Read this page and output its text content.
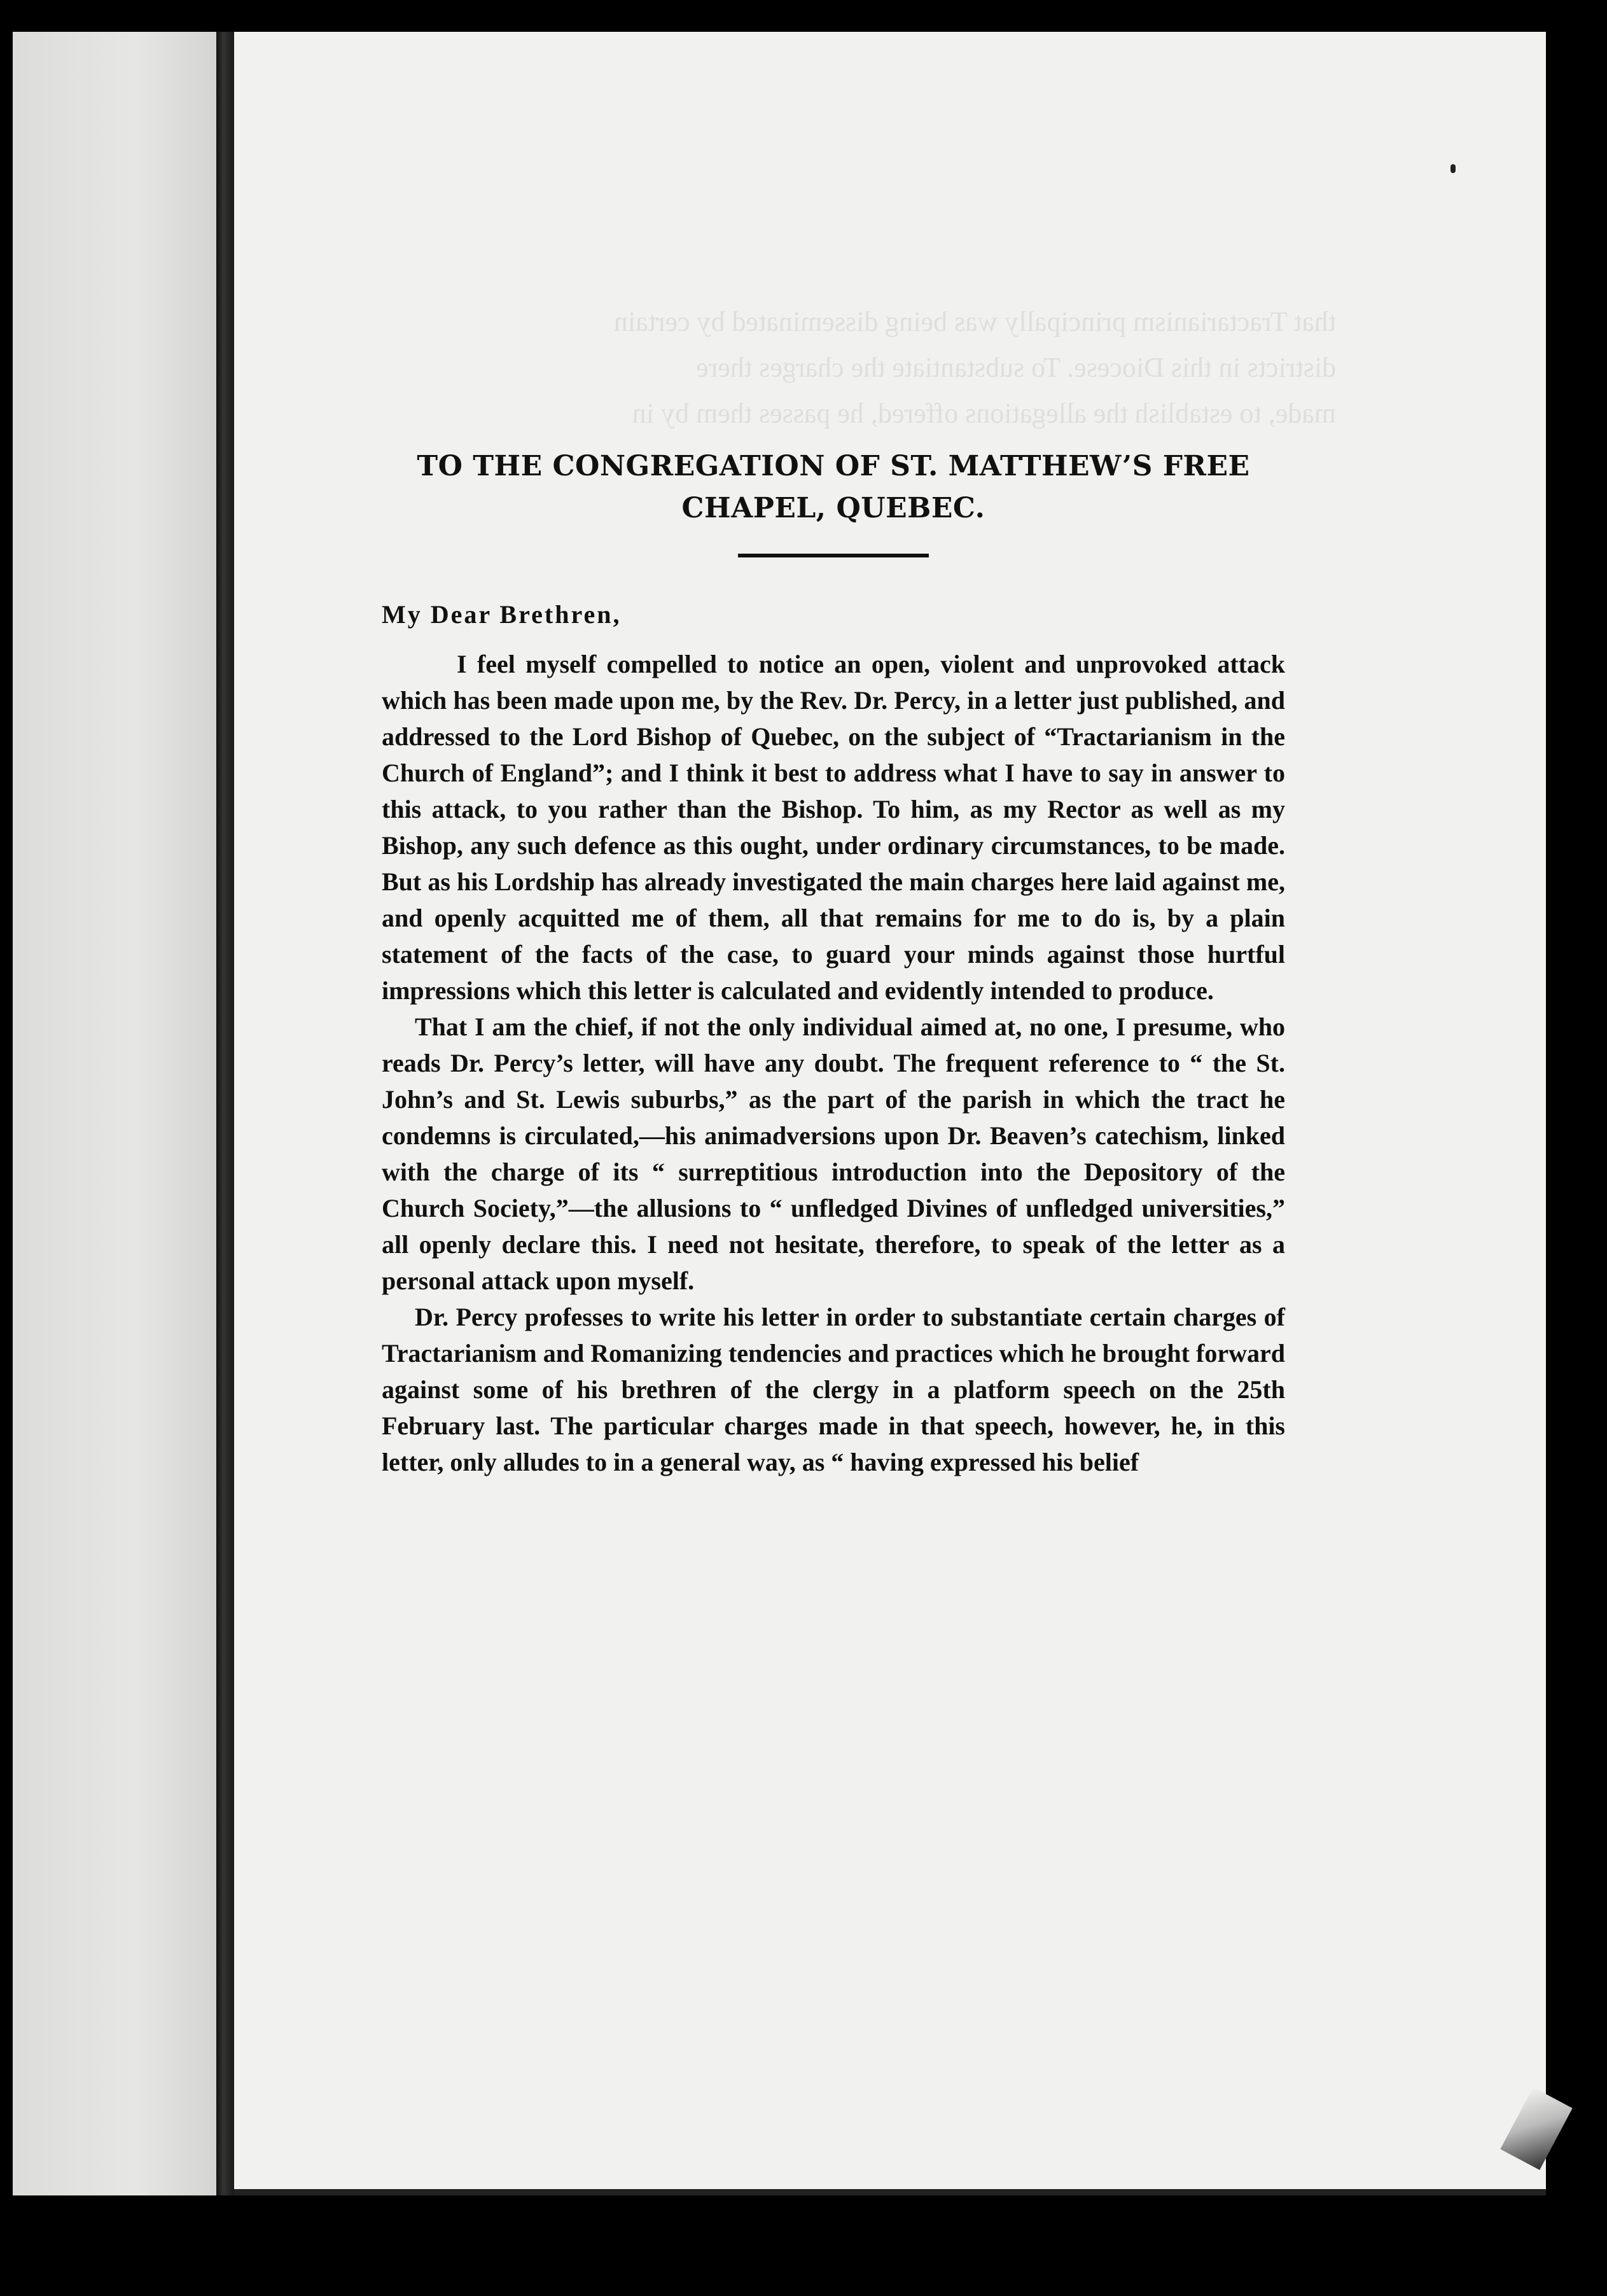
that Tractarianism principally was being disseminated by certain
districts in this Diocese. To substantiate the charges there
made, to establish the allegations offered, he passes them by in
TO THE CONGREGATION OF ST. MATTHEW’S FREE
CHAPEL, QUEBEC.

My Dear Brethren,

I feel myself compelled to notice an open, violent and unprovoked attack which has been made upon me, by the Rev. Dr. Percy, in a letter just published, and addressed to the Lord Bishop of Quebec, on the subject of “Tractarianism in the Church of England”; and I think it best to address what I have to say in answer to this attack, to you rather than the Bishop. To him, as my Rector as well as my Bishop, any such defence as this ought, under ordinary circumstances, to be made. But as his Lordship has already investigated the main charges here laid against me, and openly acquitted me of them, all that remains for me to do is, by a plain statement of the facts of the case, to guard your minds against those hurtful impressions which this letter is calculated and evidently intended to produce.

That I am the chief, if not the only individual aimed at, no one, I presume, who reads Dr. Percy’s letter, will have any doubt. The frequent reference to “ the St. John’s and St. Lewis suburbs,” as the part of the parish in which the tract he condemns is circulated,—his animadversions upon Dr. Beaven’s catechism, linked with the charge of its “ surreptitious introduction into the Depository of the Church Society,”—the allusions to “ unfledged Divines of unfledged universities,” all openly declare this. I need not hesitate, therefore, to speak of the letter as a personal attack upon myself.

Dr. Percy professes to write his letter in order to substantiate certain charges of Tractarianism and Romanizing tendencies and practices which he brought forward against some of his brethren of the clergy in a platform speech on the 25th February last. The particular charges made in that speech, however, he, in this letter, only alludes to in a general way, as “ having expressed his belief
